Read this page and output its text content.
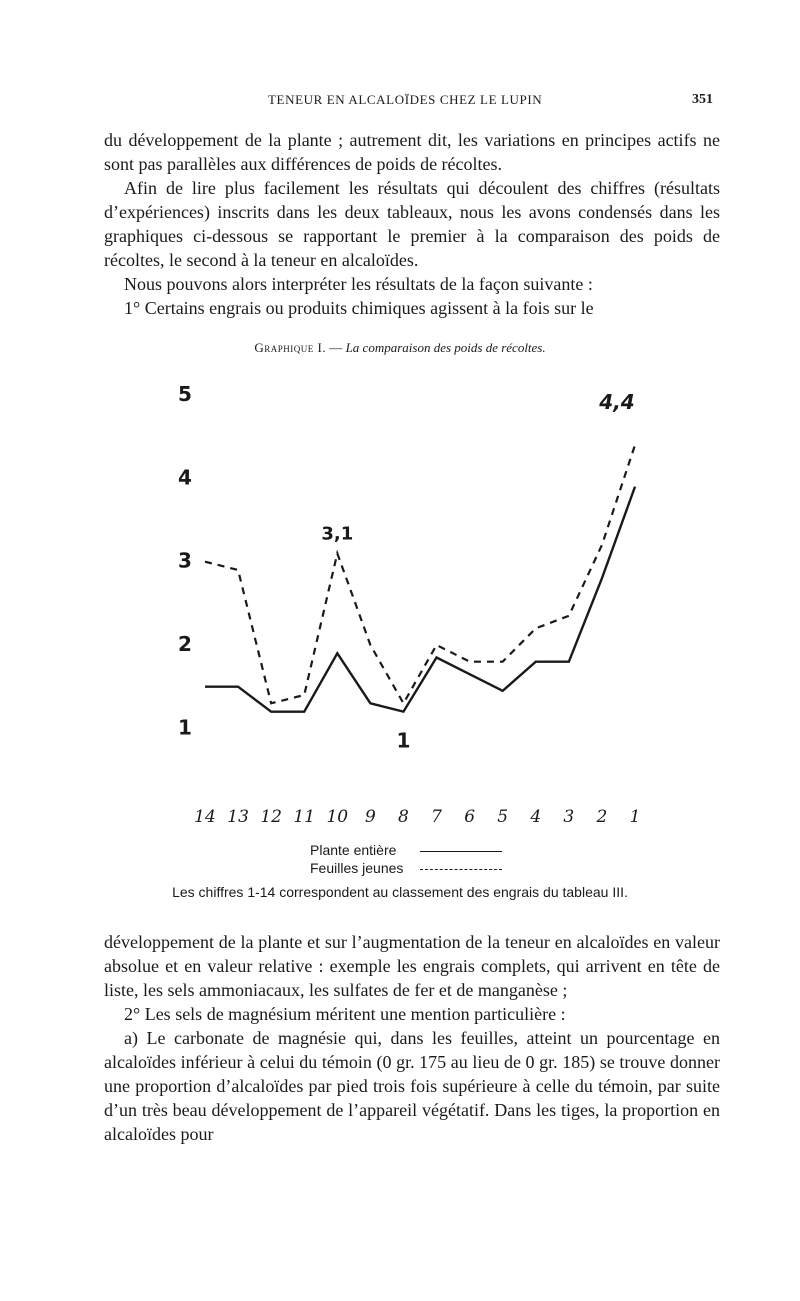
TENEUR EN ALCALOÏDES CHEZ LE LUPIN	351

du développement de la plante ; autrement dit, les variations en principes actifs ne sont pas parallèles aux différences de poids de récoltes.

Afin de lire plus facilement les résultats qui découlent des chiffres (résultats d’expériences) inscrits dans les deux tableaux, nous les avons condensés dans les graphiques ci-dessous se rapportant le premier à la comparaison des poids de récoltes, le second à la teneur en alcaloïdes.

Nous pouvons alors interpréter les résultats de la façon suivante :

1° Certains engrais ou produits chimiques agissent à la fois sur le

Graphique I. — La comparaison des poids de récoltes.
1
2
3
4
5
14 13 12 11 10 9 8 7 6 5 4 3 2 1
3,1
4,4
1
Plante entière
Feuilles jeunes
Les chiffres 1-14 correspondent au classement des engrais du tableau III.

développement de la plante et sur l’augmentation de la teneur en alcaloïdes en valeur absolue et en valeur relative : exemple les engrais complets, qui arrivent en tête de liste, les sels ammoniacaux, les sulfates de fer et de manganèse ;

2° Les sels de magnésium méritent une mention particulière :

a) Le carbonate de magnésie qui, dans les feuilles, atteint un pourcentage en alcaloïdes inférieur à celui du témoin (0 gr. 175 au lieu de 0 gr. 185) se trouve donner une proportion d’alcaloïdes par pied trois fois supérieure à celle du témoin, par suite d’un très beau développement de l’appareil végétatif. Dans les tiges, la proportion en alcaloïdes pour
